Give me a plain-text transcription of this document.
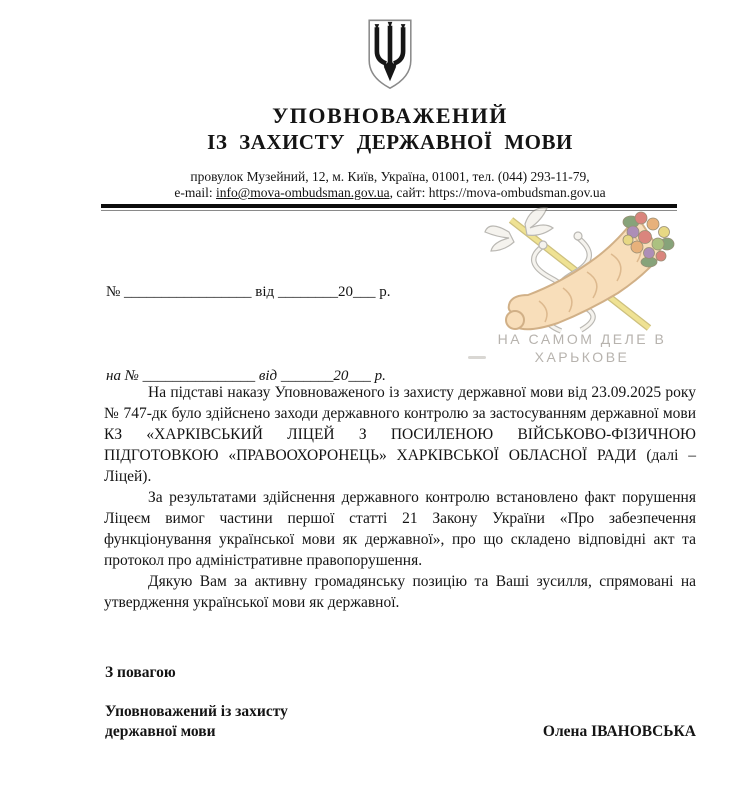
УПОВНОВАЖЕНИЙ
ІЗ ЗАХИСТУ ДЕРЖАВНОЇ МОВИ
провулок Музейний, 12, м. Київ, Україна, 01001, тел. (044) 293-11-79,
e-mail: info@mova-ombudsman.gov.ua, сайт: https://mova-ombudsman.gov.ua

№ _________________ від ________20___ р.

на № _______________ від _______20___ р.

НА САМОМ ДЕЛЕ В
ХАРЬКОВЕ

На підставі наказу Уповноваженого із захисту державної мови від 23.09.2025 року № 747-дк було здійснено заходи державного контролю за застосуванням державної мови КЗ «ХАРКІВСЬКИЙ ЛІЦЕЙ З ПОСИЛЕНОЮ ВІЙСЬКОВО-ФІЗИЧНОЮ ПІДГОТОВКОЮ «ПРАВООХОРОНЕЦЬ» ХАРКІВСЬКОЇ ОБЛАСНОЇ РАДИ (далі – Ліцей).

За результатами здійснення державного контролю встановлено факт порушення Ліцеєм вимог частини першої статті 21 Закону України «Про забезпечення функціонування української мови як державної», про що складено відповідні акт та протокол про адміністративне правопорушення.

Дякую Вам за активну громадянську позицію та Ваші зусилля, спрямовані на утвердження української мови як державної.

З повагою
Уповноважений із захисту
державної мови	Олена ІВАНОВСЬКА
